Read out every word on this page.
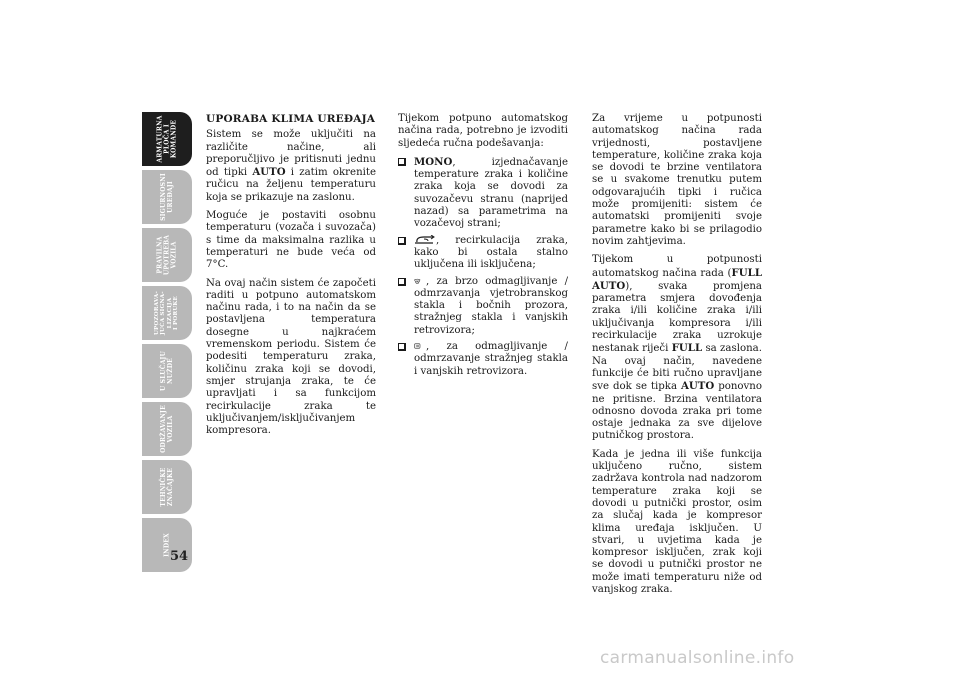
ARMATURNA
PLOČA I
KOMANDE
SIGURNOSNI
UREĐAJI
PRAVILNA
UPOTREBA
VOZILA
UPOZORAVA-
JUĆA SIGNA-
LIZACIJA
I PORUKE
U SLUČAJU
NUŽDE
ODRŽAVANJE
VOZILA
TEHNIČKE
ZNAČAJKE
INDEX 54

UPORABA KLIMA UREĐAJA

Sistem se može uključiti na različite načine, ali preporučljivo je pritisnuti jednu od tipki AUTO i zatim okrenite ručicu na željenu temperaturu koja se prikazuje na zaslonu.

Moguće je postaviti osobnu temperaturu (vozača i suvozača) s time da maksimalna razlika u temperaturi ne bude veća od 7°C.

Na ovaj način sistem će započeti raditi u potpuno automatskom načinu rada, i to na način da se postavljena temperatura dosegne u najkraćem vremenskom periodu. Sistem će podesiti temperaturu zraka, količinu zraka koji se dovodi, smjer strujanja zraka, te će upravljati i sa funkcijom recirkulacije zraka te uključivanjem/isključivanjem kompresora.

Tijekom potpuno automatskog načina rada, potrebno je izvoditi sljedeća ručna podešavanja:

MONO, izjednačavanje temperature zraka i količine zraka koja se dovodi za suvozačevu stranu (naprijed nazad) sa parametrima na vozačevoj strani;
, recirkulacija zraka, kako bi ostala stalno uključena ili isključena;
, za brzo odmagljivanje / odmrzavanja vjetrobranskog stakla i bočnih prozora, stražnjeg stakla i vanjskih retrovizora;
, za odmagljivanje / odmrzavanje stražnjeg stakla i vanjskih retrovizora.

Za vrijeme u potpunosti automatskog načina rada vrijednosti, postavljene temperature, količine zraka koja se dovodi te brzine ventilatora se u svakome trenutku putem odgovarajućih tipki i ručica može promijeniti: sistem će automatski promijeniti svoje parametre kako bi se prilagodio novim zahtjevima.

Tijekom u potpunosti automatskog načina rada (FULL AUTO), svaka promjena parametra smjera dovođenja zraka i/ili količine zraka i/ili uključivanja kompresora i/ili recirkulacije zraka uzrokuje nestanak riječi FULL sa zaslona. Na ovaj način, navedene funkcije će biti ručno upravljane sve dok se tipka AUTO ponovno ne pritisne. Brzina ventilatora odnosno dovoda zraka pri tome ostaje jednaka za sve dijelove putničkog prostora.

Kada je jedna ili više funkcija uključeno ručno, sistem zadržava kontrola nad nadzorom temperature zraka koji se dovodi u putnički prostor, osim za slučaj kada je kompresor klima uređaja isključen. U stvari, u uvjetima kada je kompresor isključen, zrak koji se dovodi u putnički prostor ne može imati temperaturu niže od vanjskog zraka.

carmanualsonline.info
